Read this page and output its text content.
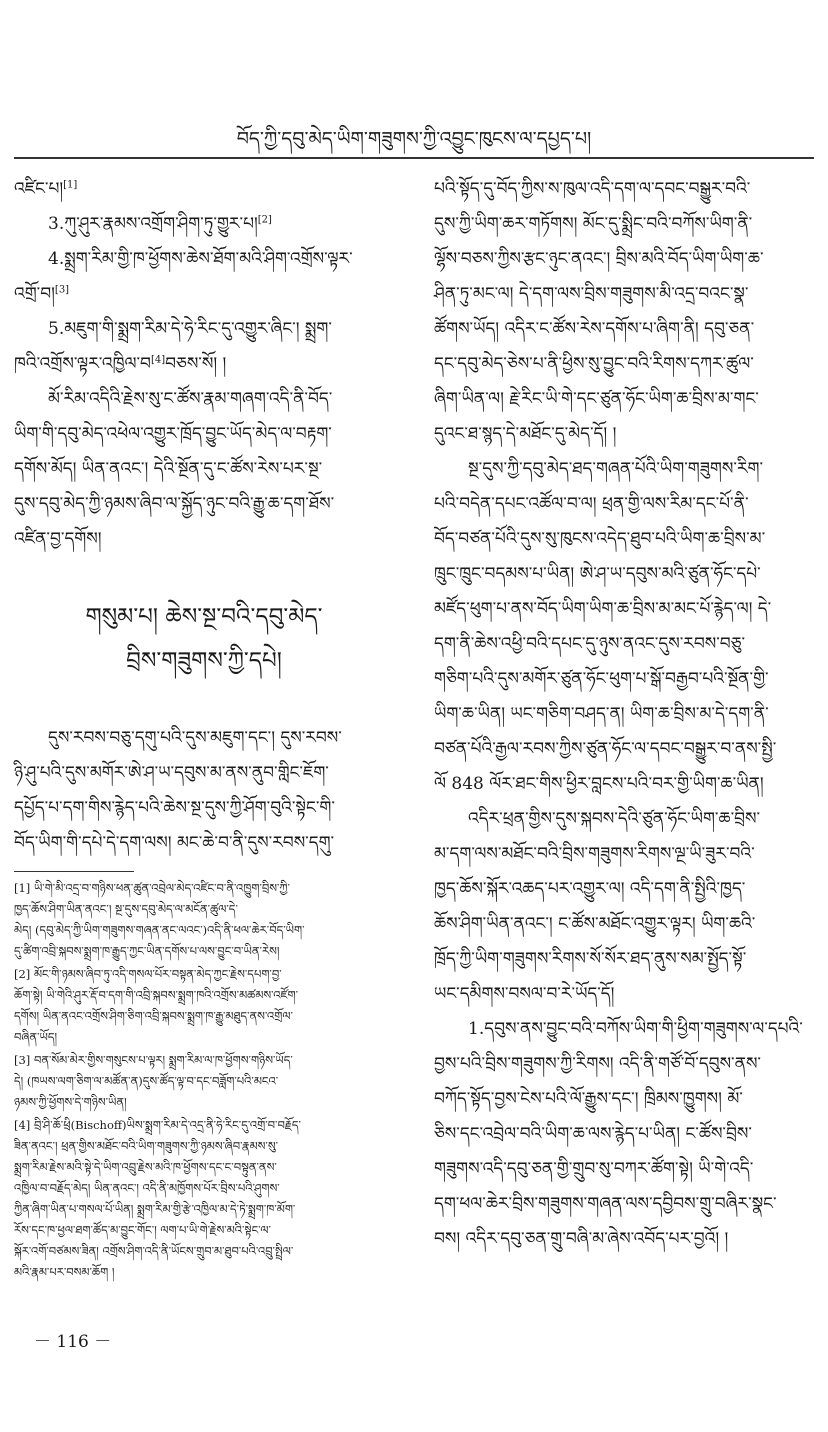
བོད་ཀྱི་དབུ་མེད་ཡིག་གཟུགས་ཀྱི་འབྱུང་ཁུངས་ལ་དཔྱད་པ།

འཛིང་པ།[1]

3.ཀུ་ཤུར་རྣམས་འགྲོག་ཤིག་ཏུ་གྱུར་པ།[2]

4.སྨྲག་རིམ་གྱི་ཁ་ཕྱོགས་ཆེས་ཐོག་མའི་ཤིག་འགྲོས་ལྟར་
འགྲོ་བ།[3]

5.མཇུག་གི་སྨྲག་རིམ་དེ་ཧེ་རིང་དུ་འགྱུར་ཞིང་། སྨྲག་
ཁའི་འགྲོས་ལྟར་འཁྱིལ་བ[4]བཅས་སོ། །

མོ་རིམ་འདིའི་རྗེས་སུ་ང་ཚོས་རྣམ་གཞག་འདི་ནི་བོད་
ཡིག་གི་དབུ་མེད་འཕེལ་འགྱུར་ཁྲོད་བྱུང་ཡོད་མེད་ལ་བརྟག་
དགོས་མོད། ཡིན་ནའང་། དེའི་སྔོན་དུ་ང་ཚོས་རེས་པར་སྔ་
དུས་དབུ་མེད་ཀྱི་ཉམས་ཞིབ་ལ་སྐྱོད་ཉུང་བའི་རྒྱུ་ཆ་དག་ཐོས་
འཛིན་བྱ་དགོས།

གསུམ་པ། ཆེས་སྔ་བའི་དབུ་མེད་
བྲིས་གཟུགས་ཀྱི་དཔེ།

དུས་རབས་བཅུ་དགུ་པའི་དུས་མཇུག་དང་། དུས་རབས་
ཉི་ཤུ་པའི་དུས་མགོར་ཨེ་ཤ་ཡ་དབུས་མ་ནས་ནུབ་གླིང་ཇོག་
དཔྱོད་པ་དག་གིས་རྙེད་པའི་ཆེས་སྔ་དུས་ཀྱི་ཤོག་བུའི་སྟེང་གི་
བོད་ཡིག་གི་དཔེ་དེ་དག་ལས། མང་ཆེ་བ་ནི་དུས་རབས་དགུ་

[1] ཡི་གེ་མི་འདྲ་བ་གཉིས་ཕན་ཚུན་འབྲེལ་མེད་འཛིང་བ་ནི་འཁྱུག་བྲིས་ཀྱི་
ཁྱད་ཆོས་ཤིག་ཡིན་ནའང་། སྔ་དུས་དབུ་མེད་ལ་མངོན་ཚུལ་དེ་
མེད། (དབུ་མེད་ཀྱི་ཡིག་གཟུགས་གཞན་ནང་ལའང་)འདི་ནི་ཕལ་ཆེར་བོད་ཡིག་
དུ་ཚིག་འབྲི་སྐབས་སྨྲག་ཁ་རྒྱུད་ཀྱང་ཡིན་དགོས་པ་ལས་བྱུང་བ་ཡིན་རེས།

[2] མོང་གི་ཉམས་ཞིབ་ཏུ་འདི་གསལ་པོར་བསྟན་མེད་ཀྱང་རྗེས་དཔག་བྱ་
ཆོག་སྟེ། ཡི་གེའི་ཤུར་རྡོ་བ་དག་གི་འབྲི་སྐབས་སྨྲག་ཁའི་འགྲོས་མཚམས་འཛོག་
དགོས། ཡིན་ནའང་འགྲོས་ཤིག་ཅིག་འབྲི་སྐབས་སྨྲག་ཁ་རྒྱུ་མཐུད་ནས་འགྲོལ་
བཞིན་ཡོད།

[3] བན་སོམ་མེར་གྱིས་གསུངས་པ་ལྟར། སྨྲག་རིམ་ལ་ཁ་ཕྱོགས་གཉིས་ཡོད་
དེ། (ཁཡས་ལག་ཅིག་ལ་མཚོན་ན)དུས་ཚོད་ལྟ་བ་དང་བཟློག་པའི་མངའ་
ཉམས་ཀྱི་ཕྱོགས་དེ་གཉིས་ཡིན།

[4] བྲི་ཤི་ཆོ་ཕྲི(Bischoff)ཡིས་སྨྲག་རིམ་དེ་འདྲ་ནི་ཧེ་རིང་དུ་འགྲོ་བ་བརྗོད་
ཟིན་ནའང་། ཕྲན་གྱིས་མཐོང་བའི་ཡིག་གཟུགས་ཀྱི་ཉམས་ཞིབ་རྣམས་སུ་
སྨྲག་རིམ་རྗེས་མའི་སྟེ་དེ་ཡིག་འབྲུ་རྗེས་མའི་ཁ་ཕྱོགས་དང་ང་བསྟུན་ནས་
འཁྱིལ་བ་བརྗོད་མེད། ཡིན་ནའང་། འདི་ནི་མཁྱོགས་པོར་བྲིས་པའི་ཤུགས་
ཀྱིན་ཞིག་ཡིན་པ་གསལ་པོ་ཡིན། སྨྲག་རིམ་གྱི་རྩེ་འཁྱིལ་མ་དེ་ཏེ་སྨྲག་ཁ་མོག་
རོས་དང་ཁ་ཕྱལ་ཐག་ཚོད་མ་བྱུང་གོང་། ལག་པ་ཡི་གེ་རྗེས་མའི་སྟེང་ལ་
སྐོར་འགོ་བཙམས་ཟིན། འགྲོས་ཤིག་འདི་ནི་ཡོངས་གྲུབ་མ་ཐུབ་པའི་འབྲུ་སྤྲིལ་
མའི་རྣམ་པར་བསམ་ཆོག །

པའི་སྟོད་དུ་བོད་ཀྱིས་ས་ཁུལ་འདི་དག་ལ་དབང་བསྒྱུར་བའི་
དུས་ཀྱི་ཡིག་ཆར་གཏོགས། མོང་དུ་སྨྲིང་བའི་བཀོས་ཡིག་ནི་
ལྷོས་བཅས་ཀྱིས་རྩང་ཉུང་ནའང་། བྲིས་མའི་བོད་ཡིག་ཡིག་ཆ་
ཤིན་ཏུ་མང་ལ། དེ་དག་ལས་བྲིས་གཟུགས་མི་འདྲ་བའང་སྣ་
ཚོགས་ཡོད། འདིར་ང་ཚོས་རེས་དགོས་པ་ཞིག་ནི། དབུ་ཅན་
དང་དབུ་མེད་ཅེས་པ་ནི་ཕྱིས་སུ་བྱུང་བའི་རིགས་དཀར་ཚུལ་
ཞིག་ཡིན་ལ། རྗེ་རིང་ཡི་གེ་དང་ཙུན་ཧོང་ཡིག་ཆ་བྲིས་མ་གང་
དུའང་ཐ་སྙད་དེ་མཐོང་དུ་མེད་དོ། །

སྔ་དུས་ཀྱི་དབུ་མེད་ཐད་གཞན་པོའི་ཡིག་གཟུགས་རིག་
པའི་བདེན་དཔང་འཚོལ་བ་ལ། ཕྲན་གྱི་ལས་རིམ་དང་པོ་ནི་
བོད་བཙན་པོའི་དུས་སུ་ཁུངས་འདེད་ཐུབ་པའི་ཡིག་ཆ་བྲིས་མ་
ཁྲུང་ཁྲུང་བདམས་པ་ཡིན། ཨེ་ཤ་ཡ་དབུས་མའི་ཙུན་ཧོང་དཔེ་
མཛོད་ཕུག་པ་ནས་བོད་ཡིག་ཡིག་ཆ་བྲིས་མ་མང་པོ་རྙེད་ལ། དེ་
དག་ནི་ཆེས་འཕྱི་བའི་དཔང་དུ་ཉུས་ནའང་དུས་རབས་བཅུ་
གཅིག་པའི་དུས་མགོར་ཙུན་ཧོང་ཕུག་པ་སྒོ་བརྒྱབ་པའི་སྔོན་གྱི་
ཡིག་ཆ་ཡིན། ཡང་གཅིག་བཤད་ན། ཡིག་ཆ་བྲིས་མ་དེ་དག་ནི་
བཙན་པོའི་རྒྱལ་རབས་ཀྱིས་ཙུན་ཧོང་ལ་དབང་བསྒྱུར་བ་ནས་སྤྱི་
ལོ 848 ལོར་ཐང་གིས་ཕྱིར་བླངས་པའི་བར་གྱི་ཡིག་ཆ་ཡིན།

འདིར་ཕྲན་གྱིས་དུས་སྐབས་དེའི་ཙུན་ཧོང་ཡིག་ཆ་བྲིས་
མ་དག་ལས་མཐོང་བའི་བྲིས་གཟུགས་རིགས་ལྔ་ཡི་ཟུར་བའི་
ཁྱད་ཆོས་སྐོར་འཆད་པར་འགྱུར་ལ། འདི་དག་ནི་སྤྱིའི་ཁྱད་
ཆོས་ཤིག་ཡིན་ནའང་། ང་ཚོས་མཐོང་འགྱུར་ལྟར། ཡིག་ཆའི་
ཁྲོད་ཀྱི་ཡིག་གཟུགས་རིགས་སོ་སོར་ཐད་ནུས་སམ་སྤྱོད་སྟོ་
ཡང་དམིགས་བསལ་བ་རེ་ཡོད་དོ།

1.དབུས་ནས་བྱུང་བའི་བཀོས་ཡིག་གི་ཕྱིག་གཟུགས་ལ་དཔའི་
བྱས་པའི་བྲིས་གཟུགས་ཀྱི་རིགས། འདི་ནི་གཙོ་བོ་དབུས་ནས་
བཀོད་སྟོད་བྱས་ངེས་པའི་ལོ་རྒྱུས་དང་། ཁྲིམས་ཁྱུགས། མོ་
ཅིས་དང་འབྲེལ་བའི་ཡིག་ཆ་ལས་རྙེད་པ་ཡིན། ང་ཚོས་བྲིས་
གཟུགས་འདི་དབུ་ཅན་གྱི་གྲུབ་སུ་བཀར་ཚོག་སྟེ། ཡི་གེ་འདི་
དག་ཕལ་ཆེར་བྲིས་གཟུགས་གཞན་ལས་དབྱིབས་གྲུ་བཞིར་སྣང་
བས། འདིར་དབུ་ཅན་གྲུ་བཞི་མ་ཞེས་འབོད་པར་བྱའོ། །

－ 116 －
